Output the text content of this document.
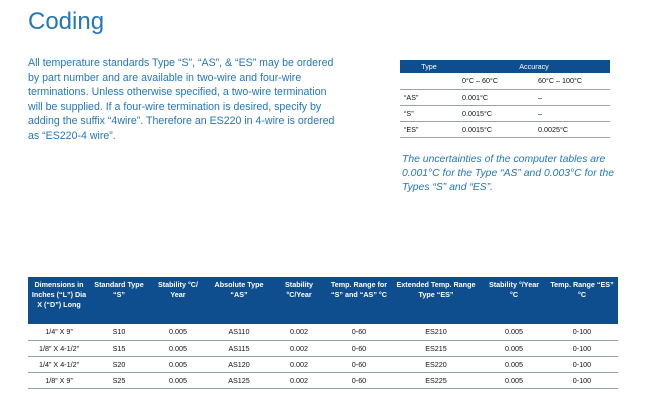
Coding

All temperature standards Type “S”, “AS”, & “ES” may be ordered by part number and are available in two-wire and four-wire terminations. Unless otherwise specified, a two-wire termination will be supplied. If a four-wire termination is desired, specify by adding the suffix “4wire”. Therefore an ES220 in 4-wire is ordered as “ES220-4 wire”.

Type	Accuracy	
	0°C – 60°C	60°C – 100°C
“AS”	0.001°C	–
“S”	0.0015°C	–
“ES”	0.0015°C	0.0025°C

The uncertainties of the computer tables are 0.001°C for the Type “AS” and 0.003°C for the Types “S” and “ES”.

Dimensions in Inches (“L”) Dia X (“D”) Long	Standard Type “S”	Stability °C/ Year	Absolute Type “AS”	Stability °C/Year	Temp. Range for “S” and “AS” °C	Extended Temp. Range Type “ES”	Stability °/Year °C	Temp. Range “ES” °C
1/4” X 9”	S10	0.005	AS110	0.002	0-60	ES210	0.005	0-100
1/8” X 4-1/2”	S15	0.005	AS115	0.002	0-60	ES215	0.005	0-100
1/4” X 4-1/2”	S20	0.005	AS120	0.002	0-60	ES220	0.005	0-100
1/8” X 9”	S25	0.005	AS125	0.002	0-60	ES225	0.005	0-100
